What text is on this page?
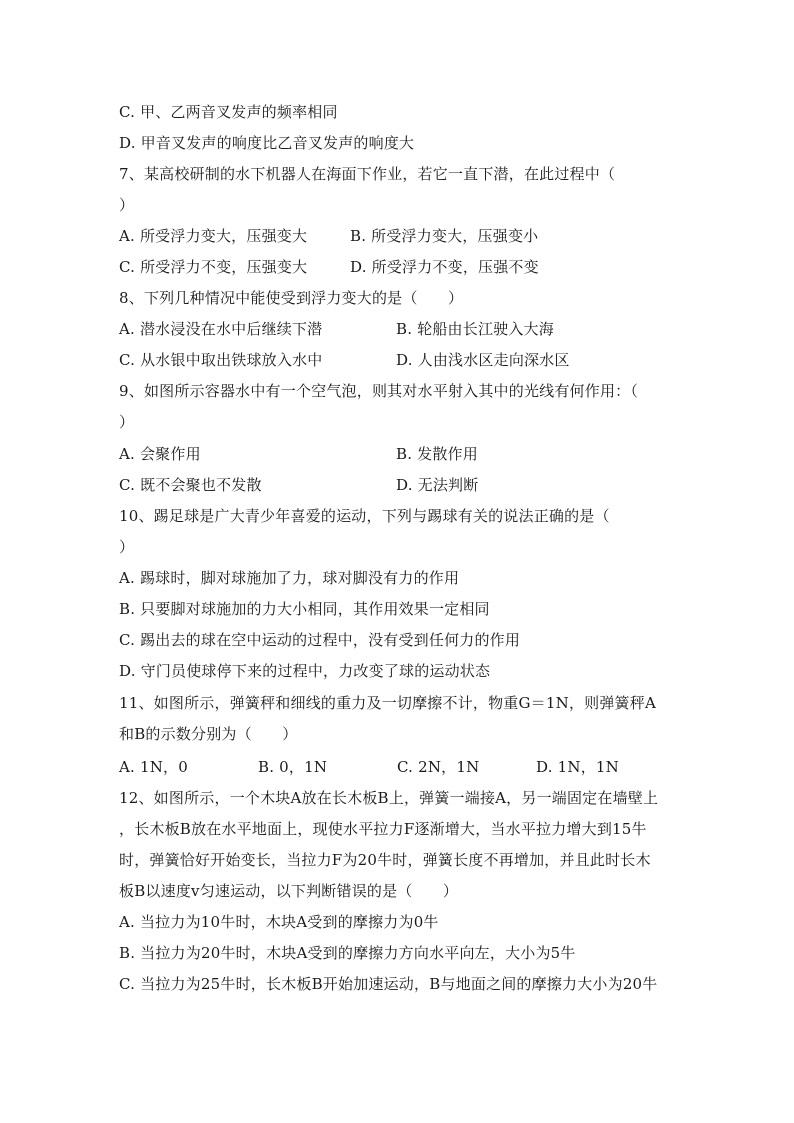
C. 甲、乙两音叉发声的频率相同
D. 甲音叉发声的响度比乙音叉发声的响度大
7、某高校研制的水下机器人在海面下作业，若它一直下潜，在此过程中（
）
A. 所受浮力变大，压强变大	B. 所受浮力变大，压强变小
C. 所受浮力不变，压强变大	D. 所受浮力不变，压强不变
8、下列几种情况中能使受到浮力变大的是（　　）
A. 潜水浸没在水中后继续下潜	B. 轮船由长江驶入大海
C. 从水银中取出铁球放入水中	D. 人由浅水区走向深水区
9、如图所示容器水中有一个空气泡，则其对水平射入其中的光线有何作用：（
）
A. 会聚作用	B. 发散作用
C. 既不会聚也不发散	D. 无法判断
10、踢足球是广大青少年喜爱的运动，下列与踢球有关的说法正确的是（
）
A. 踢球时，脚对球施加了力，球对脚没有力的作用
B. 只要脚对球施加的力大小相同，其作用效果一定相同
C. 踢出去的球在空中运动的过程中，没有受到任何力的作用
D. 守门员使球停下来的过程中，力改变了球的运动状态
11、如图所示，弹簧秤和细线的重力及一切摩擦不计，物重G＝1N，则弹簧秤A
和B的示数分别为（　　）
A. 1N，0	B. 0，1N	C. 2N，1N	D. 1N，1N
12、如图所示，一个木块A放在长木板B上，弹簧一端接A，另一端固定在墙壁上
，长木板B放在水平地面上，现使水平拉力F逐渐增大，当水平拉力增大到15牛
时，弹簧恰好开始变长，当拉力F为20牛时，弹簧长度不再增加，并且此时长木
板B以速度v匀速运动，以下判断错误的是（　　）
A. 当拉力为10牛时，木块A受到的摩擦力为0牛
B. 当拉力为20牛时，木块A受到的摩擦力方向水平向左，大小为5牛
C. 当拉力为25牛时，长木板B开始加速运动，B与地面之间的摩擦力大小为20牛
